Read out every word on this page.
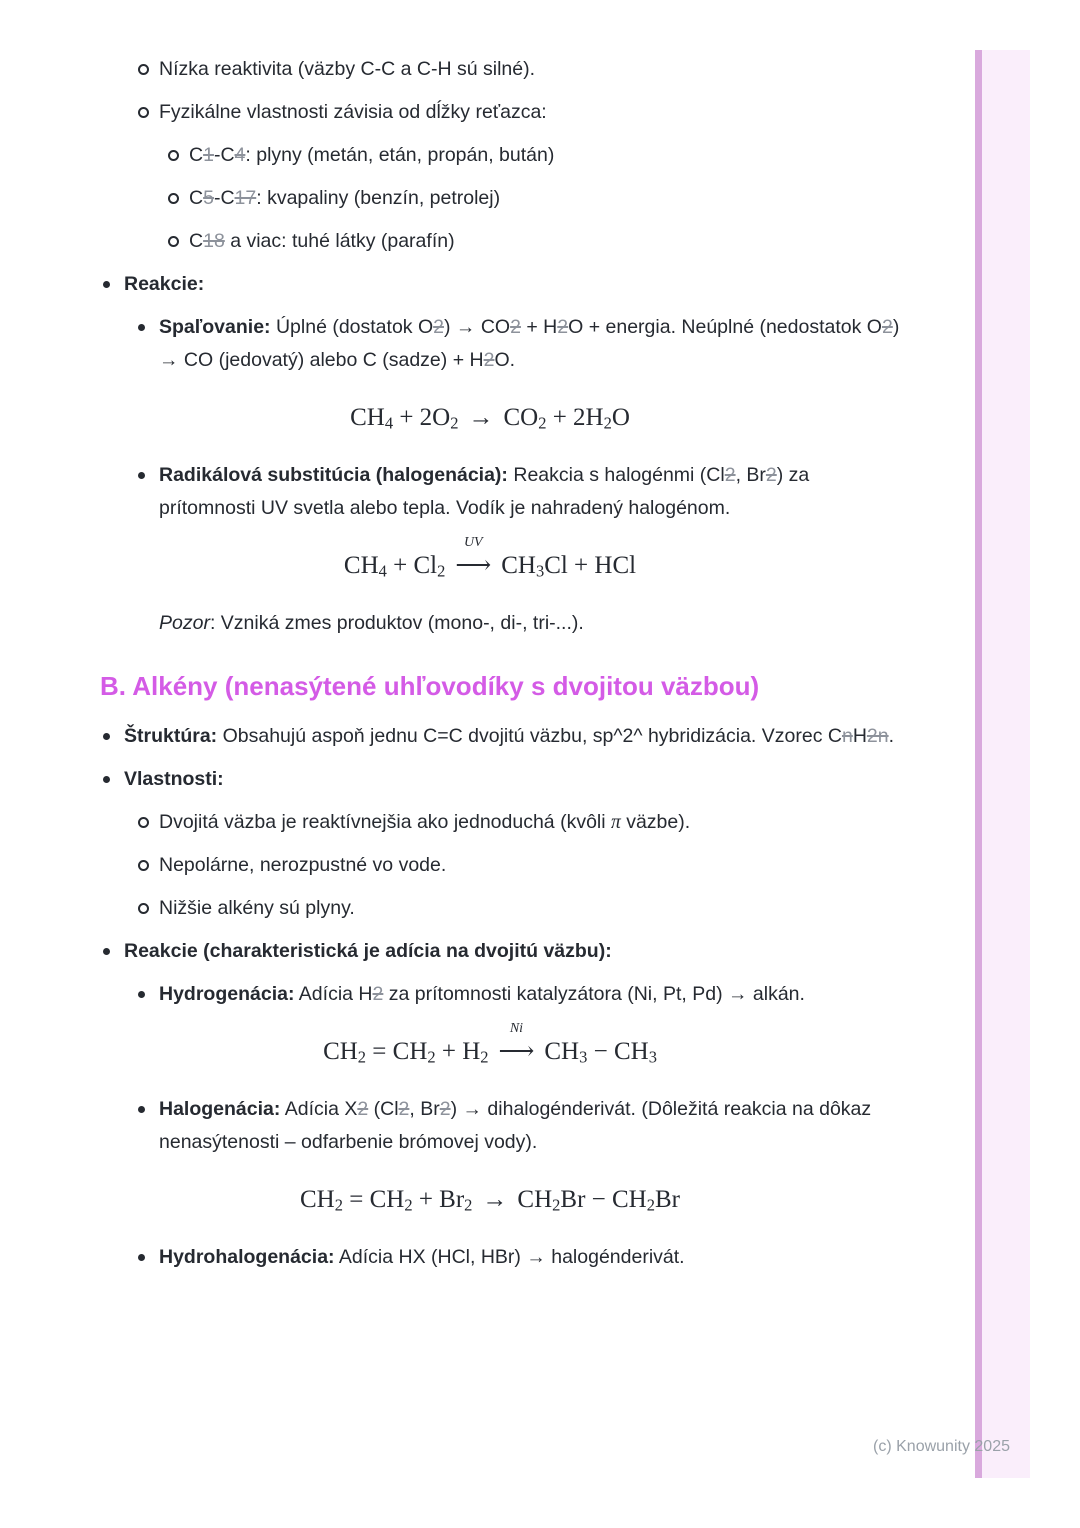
Nízka reaktivita (väzby C-C a C-H sú silné).
Fyzikálne vlastnosti závisia od dĺžky reťazca:
C1-C4: plyny (metán, etán, propán, bután)
C5-C17: kvapaliny (benzín, petrolej)
C18 a viac: tuhé látky (parafín)
Reakcie:
Spaľovanie: Úplné (dostatok O2) → CO2 + H2O + energia. Neúplné (nedostatok O2) → CO (jedovatý) alebo C (sadze) + H2O.
CH4 + 2O2 → CO2 + 2H2O
Radikálová substitúcia (halogenácia): Reakcia s halogénmi (Cl2, Br2) za prítomnosti UV svetla alebo tepla. Vodík je nahradený halogénom.
CH4 + Cl2
UV
⟶ CH3Cl + HCl
Pozor: Vzniká zmes produktov (mono-, di-, tri-...).
B. Alkény (nenasýtené uhľovodíky s dvojitou väzbou)
Štruktúra: Obsahujú aspoň jednu C=C dvojitú väzbu, sp^2^ hybridizácia. Vzorec CnH2n.
Vlastnosti:
Dvojitá väzba je reaktívnejšia ako jednoduchá (kvôli π väzbe).
Nepolárne, nerozpustné vo vode.
Nižšie alkény sú plyny.
Reakcie (charakteristická je adícia na dvojitú väzbu):
Hydrogenácia: Adícia H2 za prítomnosti katalyzátora (Ni, Pt, Pd) → alkán.
CH2 = CH2 + H2
Ni
⟶ CH3 − CH3
Halogenácia: Adícia X2 (Cl2, Br2) → dihalogénderivát. (Dôležitá reakcia na dôkaz nenasýtenosti – odfarbenie brómovej vody).
CH2 = CH2 + Br2 → CH2Br − CH2Br
Hydrohalogenácia: Adícia HX (HCl, HBr) → halogénderivát.
(c) Knowunity 2025
